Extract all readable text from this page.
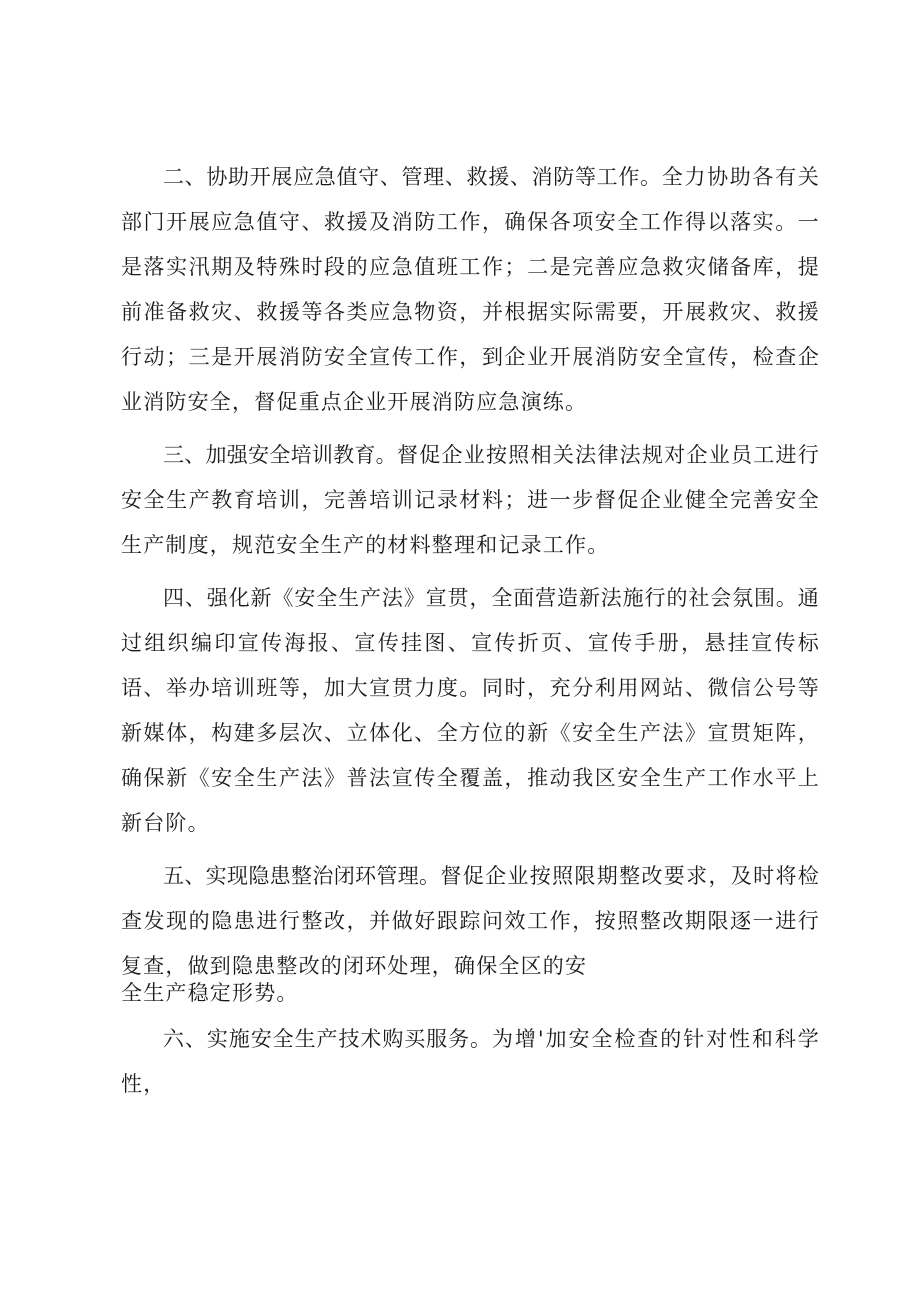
二、协助开展应急值守、管理、救援、消防等工作。全力协助各有关部门开展应急值守、救援及消防工作，确保各项安全工作得以落实。一是落实汛期及特殊时段的应急值班工作；二是完善应急救灾储备库，提前准备救灾、救援等各类应急物资，并根据实际需要，开展救灾、救援行动；三是开展消防安全宣传工作，到企业开展消防安全宣传，检查企业消防安全，督促重点企业开展消防应急演练。

三、加强安全培训教育。督促企业按照相关法律法规对企业员工进行安全生产教育培训，完善培训记录材料；进一步督促企业健全完善安全生产制度，规范安全生产的材料整理和记录工作。

四、强化新《安全生产法》宣贯，全面营造新法施行的社会氛围。通过组织编印宣传海报、宣传挂图、宣传折页、宣传手册，悬挂宣传标语、举办培训班等，加大宣贯力度。同时，充分利用网站、微信公号等新媒体，构建多层次、立体化、全方位的新《安全生产法》宣贯矩阵，确保新《安全生产法》普法宣传全覆盖，推动我区安全生产工作水平上新台阶。

五、实现隐患整治闭环管理。督促企业按照限期整改要求，及时将检查发现的隐患进行整改，并做好跟踪问效工作，按照整改期限逐一进行复查，做到隐患整改的闭环处理，确保全区的安
全生产稳定形势。

六、实施安全生产技术购买服务。为增'加安全检查的针对性和科学性，
